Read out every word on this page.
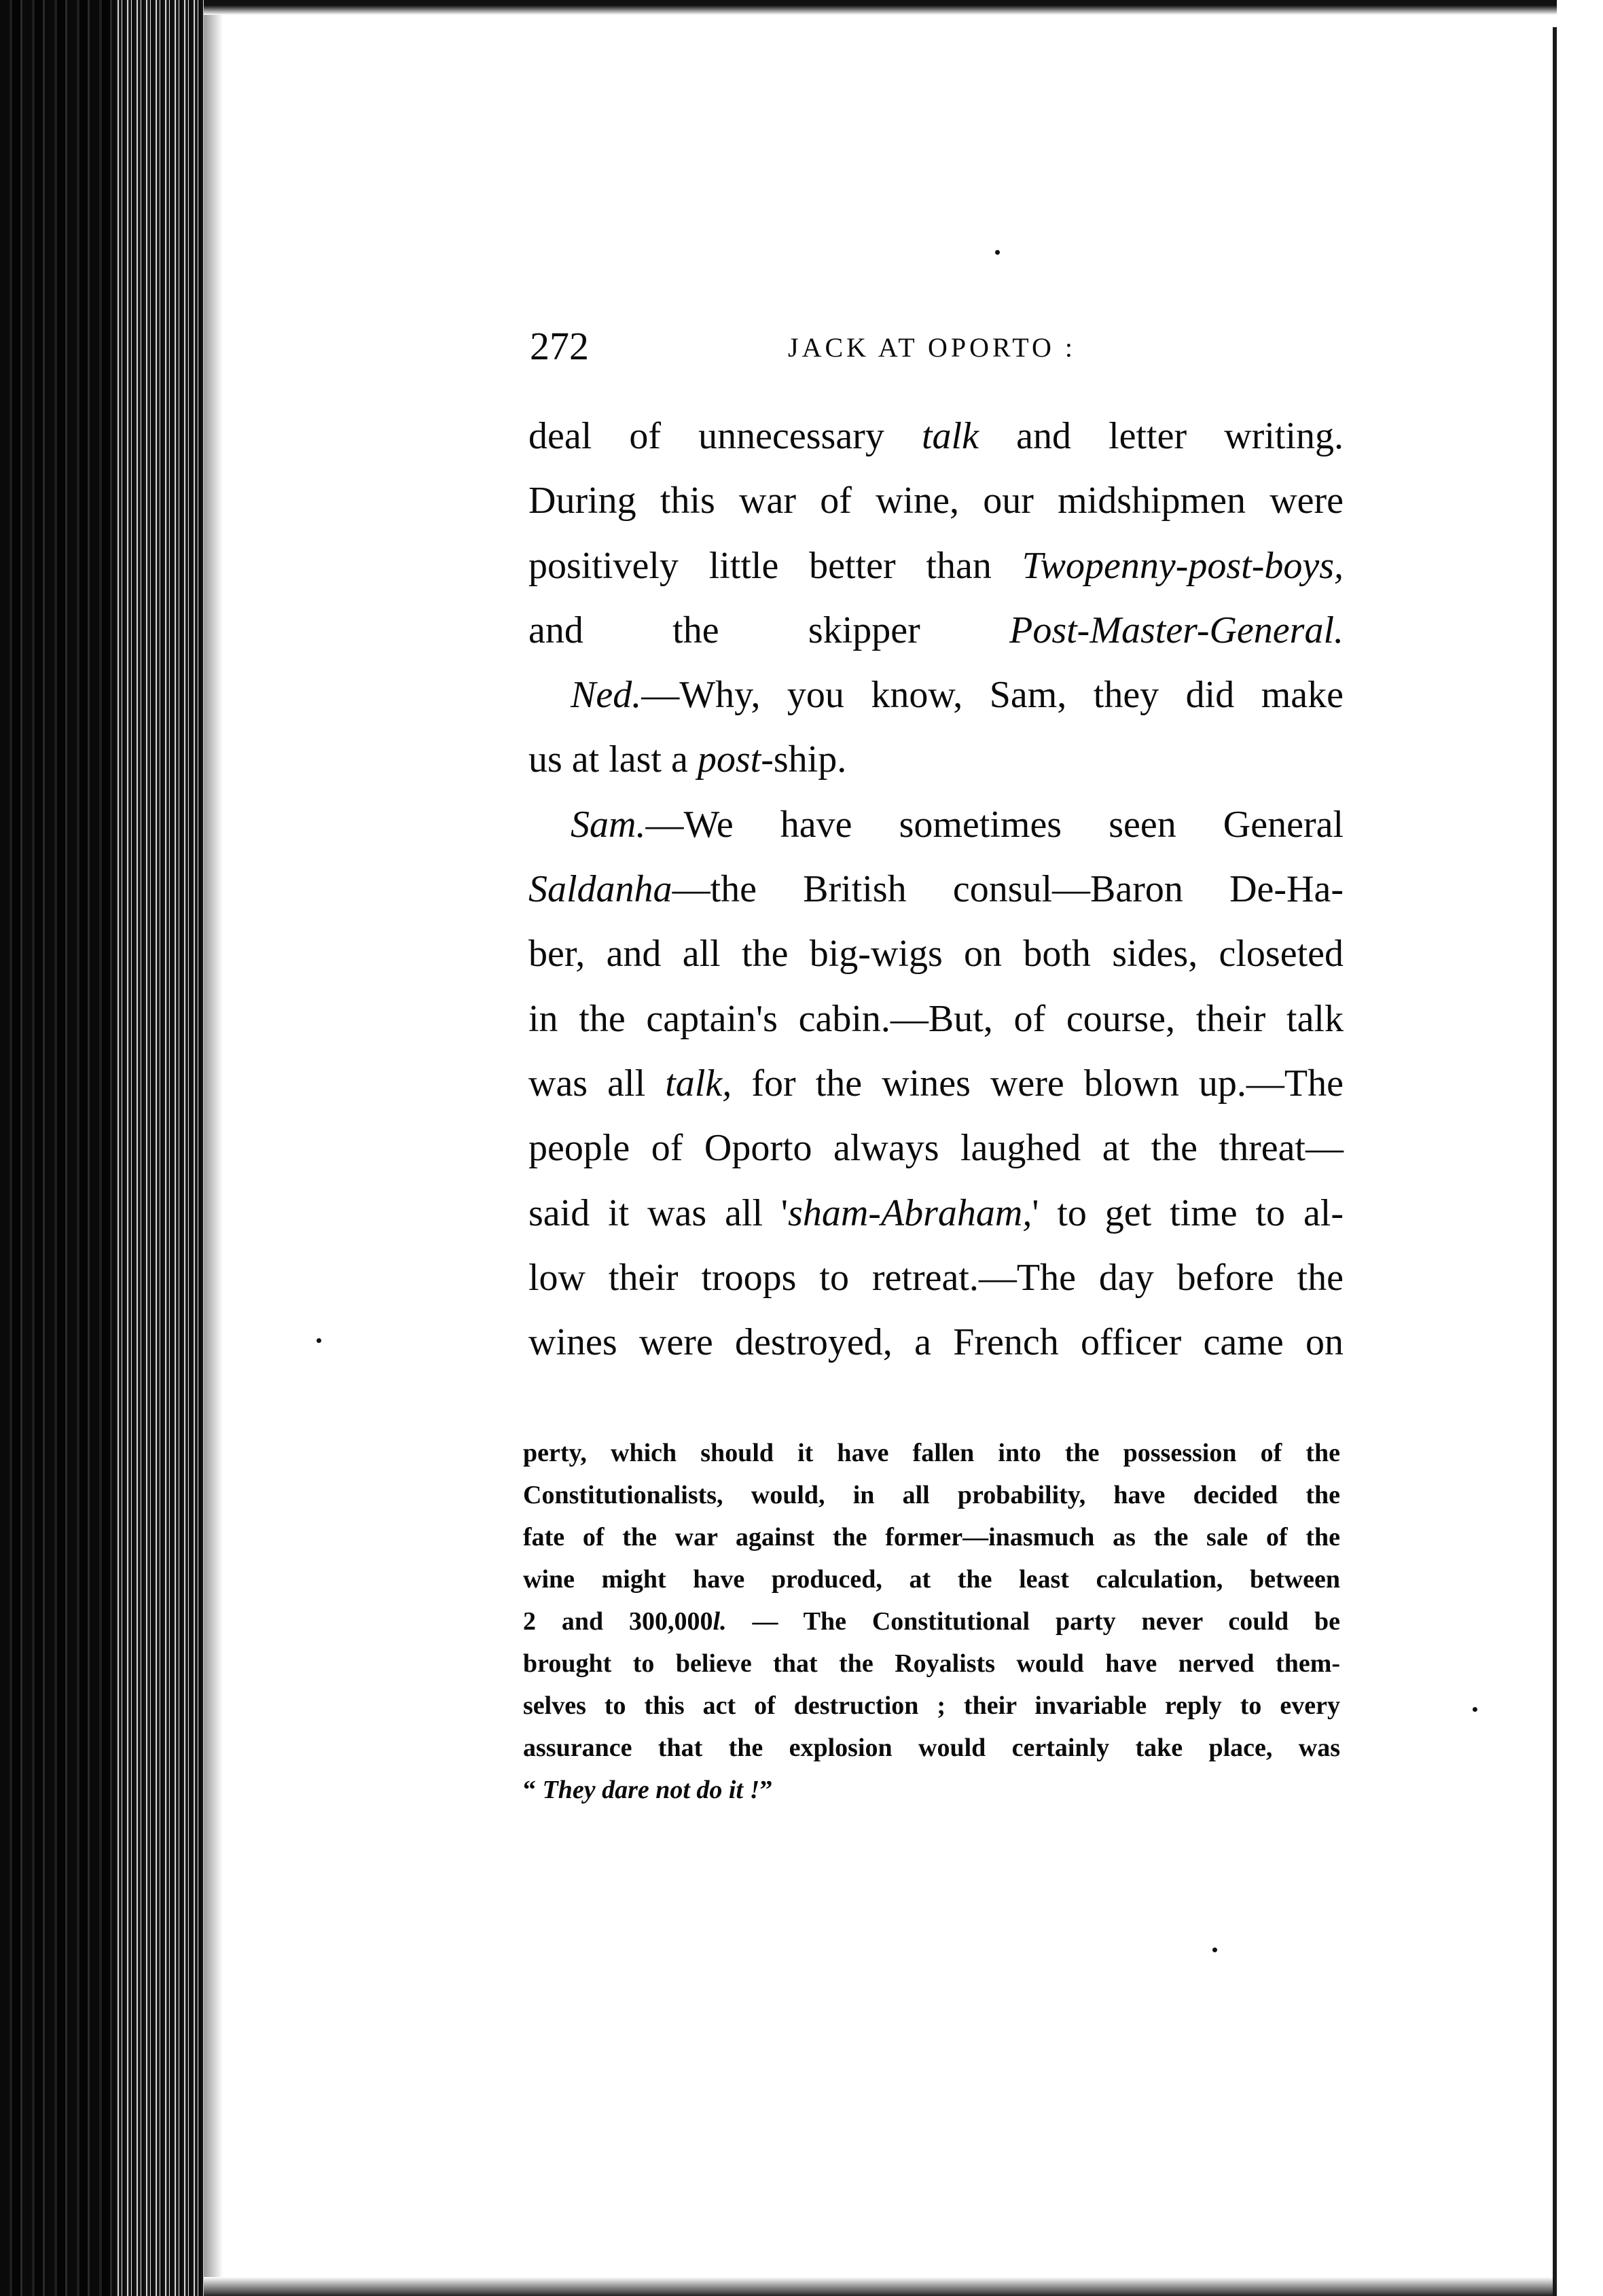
272	JACK AT OPORTO :
deal of unnecessary talk and letter writing.
During this war of wine, our midshipmen were
positively little better than Twopenny-post-boys,
and the skipper Post-Master-General.
Ned.—Why, you know, Sam, they did make
us at last a post-ship.
Sam.—We have sometimes seen General
Saldanha—the British consul—Baron De-Ha-
ber, and all the big-wigs on both sides, closeted
in the captain's cabin.—But, of course, their talk
was all talk, for the wines were blown up.—The
people of Oporto always laughed at the threat—
said it was all 'sham-Abraham,' to get time to al-
low their troops to retreat.—The day before the
wines were destroyed, a French officer came on
perty, which should it have fallen into the possession of the
Constitutionalists, would, in all probability, have decided the
fate of the war against the former—inasmuch as the sale of the
wine might have produced, at the least calculation, between
2 and 300,000l. — The Constitutional party never could be
brought to believe that the Royalists would have nerved them-
selves to this act of destruction ; their invariable reply to every
assurance that the explosion would certainly take place, was
“ They dare not do it !”
